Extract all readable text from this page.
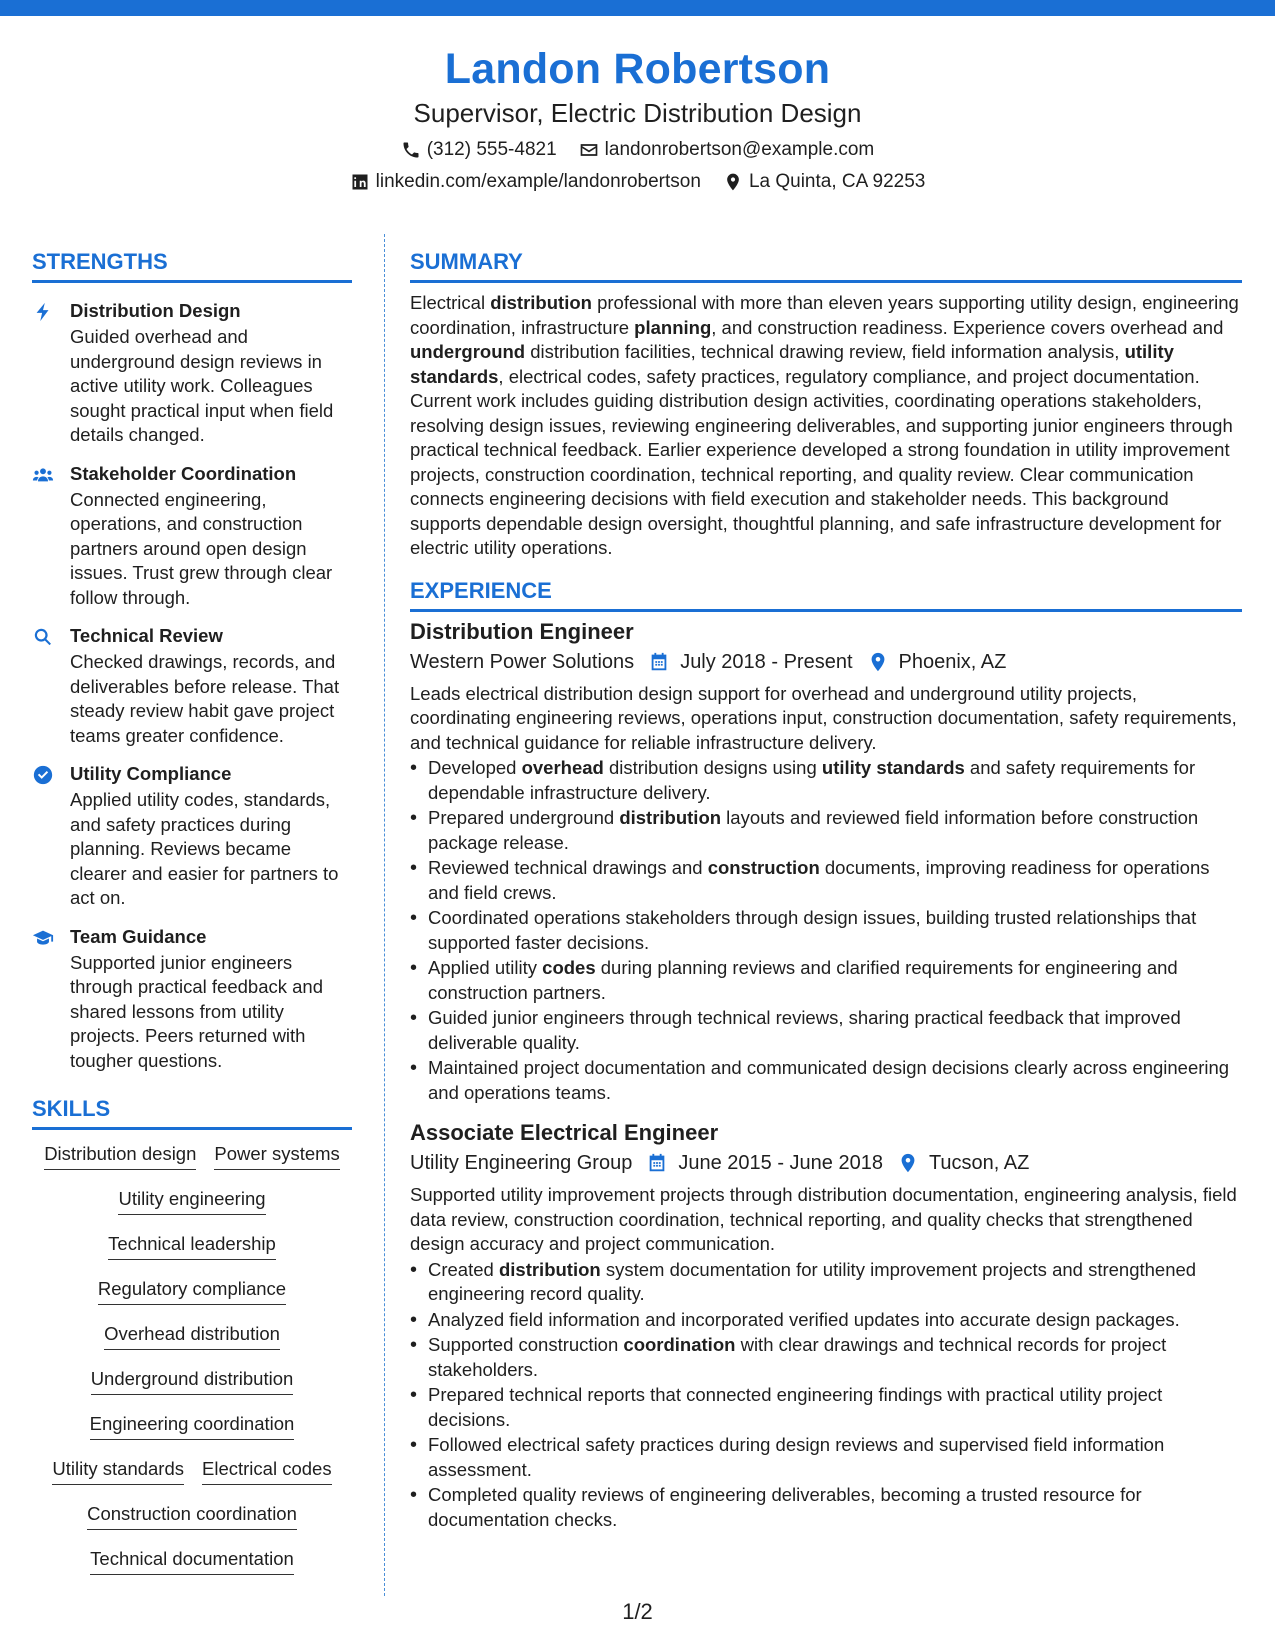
Landon Robertson
Supervisor, Electric Distribution Design
(312) 555-4821	landonrobertson@example.com
linkedin.com/example/landonrobertson	La Quinta, CA 92253
STRENGTHS
Distribution Design
Guided overhead and underground design reviews in active utility work. Colleagues sought practical input when field details changed.
Stakeholder Coordination
Connected engineering, operations, and construction partners around open design issues. Trust grew through clear follow through.
Technical Review
Checked drawings, records, and deliverables before release. That steady review habit gave project teams greater confidence.
Utility Compliance
Applied utility codes, standards, and safety practices during planning. Reviews became clearer and easier for partners to act on.
Team Guidance
Supported junior engineers through practical feedback and shared lessons from utility projects. Peers returned with tougher questions.
SKILLS
Distribution design Power systems
Utility engineering
Technical leadership
Regulatory compliance
Overhead distribution
Underground distribution
Engineering coordination
Utility standards Electrical codes
Construction coordination
Technical documentation
SUMMARY
Electrical distribution professional with more than eleven years supporting utility design, engineering coordination, infrastructure planning, and construction readiness. Experience covers overhead and underground distribution facilities, technical drawing review, field information analysis, utility standards, electrical codes, safety practices, regulatory compliance, and project documentation. Current work includes guiding distribution design activities, coordinating operations stakeholders, resolving design issues, reviewing engineering deliverables, and supporting junior engineers through practical technical feedback. Earlier experience developed a strong foundation in utility improvement projects, construction coordination, technical reporting, and quality review. Clear communication connects engineering decisions with field execution and stakeholder needs. This background supports dependable design oversight, thoughtful planning, and safe infrastructure development for electric utility operations.
EXPERIENCE
Distribution Engineer
Western Power Solutions July 2018 - Present Phoenix, AZ
Leads electrical distribution design support for overhead and underground utility projects, coordinating engineering reviews, operations input, construction documentation, safety requirements, and technical guidance for reliable infrastructure delivery.
• Developed overhead distribution designs using utility standards and safety requirements for dependable infrastructure delivery.
• Prepared underground distribution layouts and reviewed field information before construction package release.
• Reviewed technical drawings and construction documents, improving readiness for operations and field crews.
• Coordinated operations stakeholders through design issues, building trusted relationships that supported faster decisions.
• Applied utility codes during planning reviews and clarified requirements for engineering and construction partners.
• Guided junior engineers through technical reviews, sharing practical feedback that improved deliverable quality.
• Maintained project documentation and communicated design decisions clearly across engineering and operations teams.
Associate Electrical Engineer
Utility Engineering Group June 2015 - June 2018 Tucson, AZ
Supported utility improvement projects through distribution documentation, engineering analysis, field data review, construction coordination, technical reporting, and quality checks that strengthened design accuracy and project communication.
• Created distribution system documentation for utility improvement projects and strengthened engineering record quality.
• Analyzed field information and incorporated verified updates into accurate design packages.
• Supported construction coordination with clear drawings and technical records for project stakeholders.
• Prepared technical reports that connected engineering findings with practical utility project decisions.
• Followed electrical safety practices during design reviews and supervised field information assessment.
• Completed quality reviews of engineering deliverables, becoming a trusted resource for documentation checks.
1/2
